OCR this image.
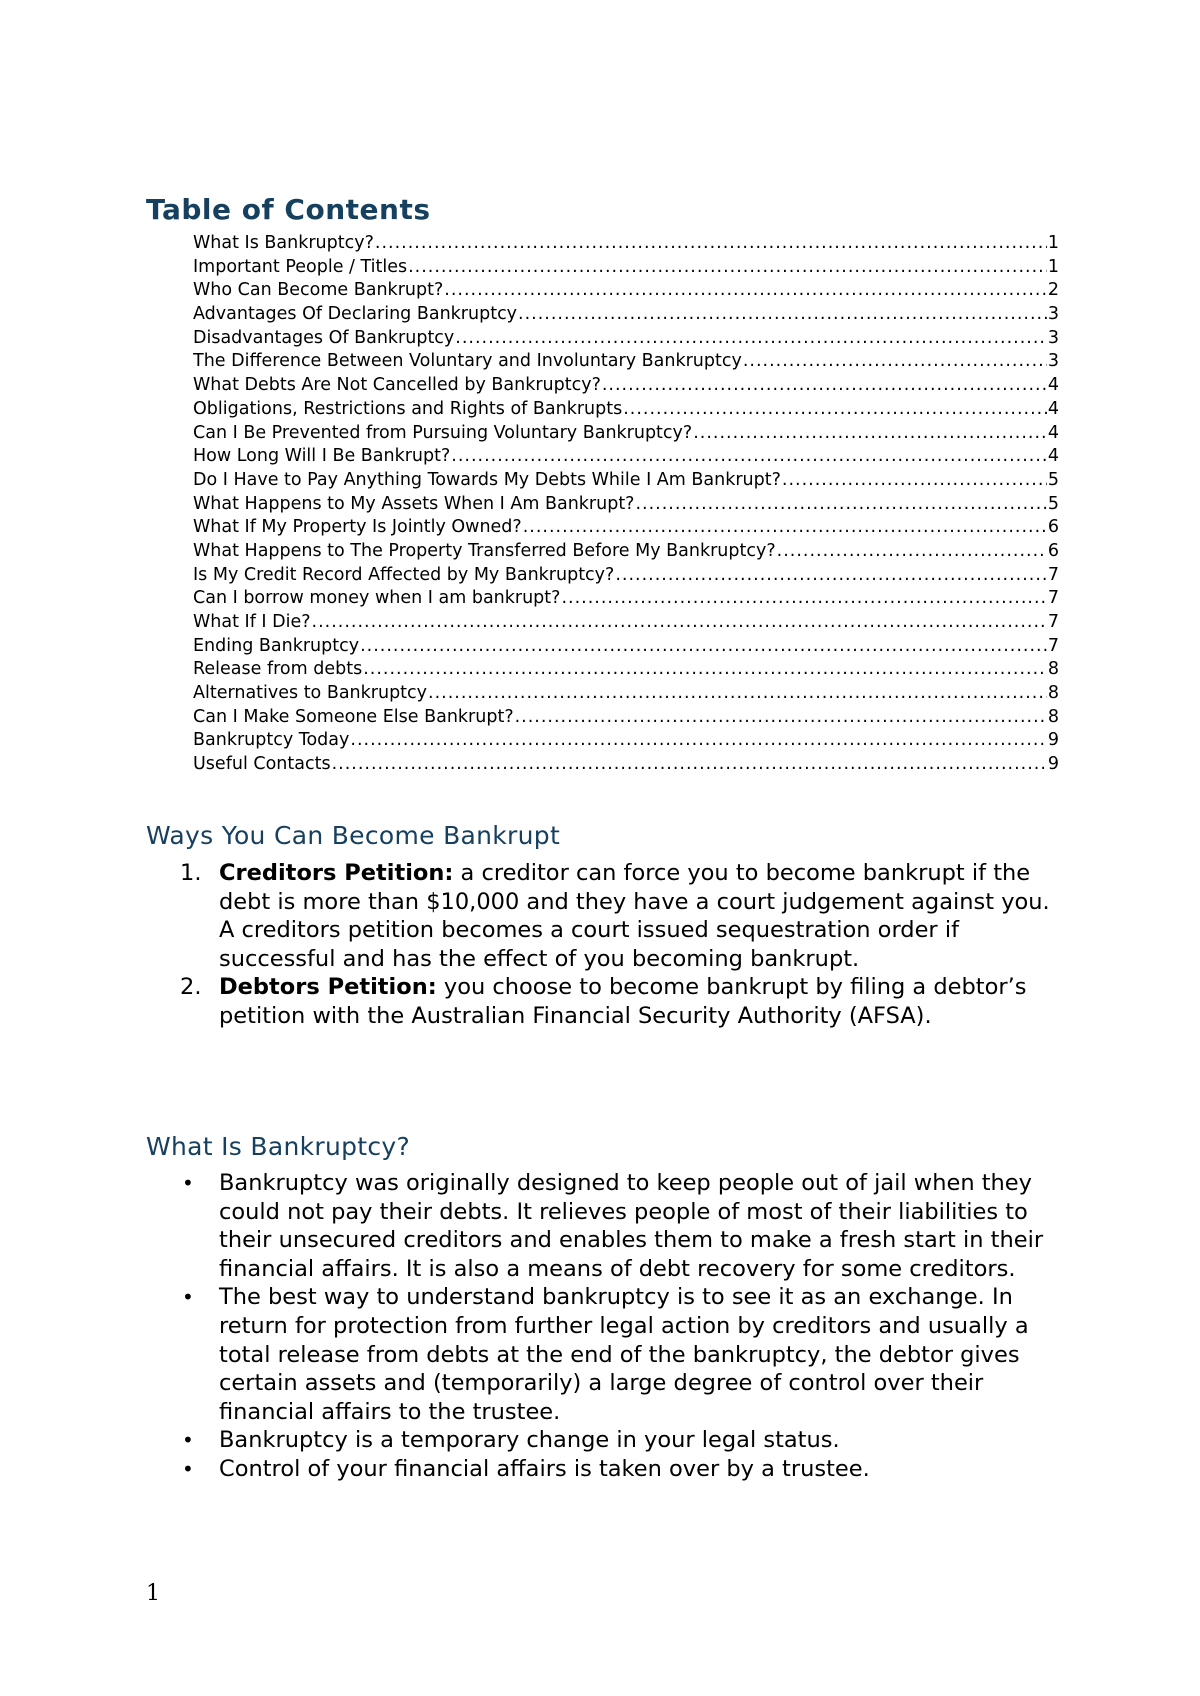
Table of Contents
What Is Bankruptcy? .....	1
Important People / Titles .....	1
Who Can Become Bankrupt? .....	2
Advantages Of Declaring Bankruptcy .....	3
Disadvantages Of Bankruptcy .....	3
The Difference Between Voluntary and Involuntary Bankruptcy .....	3
What Debts Are Not Cancelled by Bankruptcy? .....	4
Obligations, Restrictions and Rights of Bankrupts .....	4
Can I Be Prevented from Pursuing Voluntary Bankruptcy? .....	4
How Long Will I Be Bankrupt? .....	4
Do I Have to Pay Anything Towards My Debts While I Am Bankrupt? .....	5
What Happens to My Assets When I Am Bankrupt? .....	5
What If My Property Is Jointly Owned? .....	6
What Happens to The Property Transferred Before My Bankruptcy? .....	6
Is My Credit Record Affected by My Bankruptcy? .....	7
Can I borrow money when I am bankrupt? .....	7
What If I Die? .....	7
Ending Bankruptcy .....	7
Release from debts .....	8
Alternatives to Bankruptcy .....	8
Can I Make Someone Else Bankrupt? .....	8
Bankruptcy Today .....	9
Useful Contacts .....	9
Ways You Can Become Bankrupt
1. Creditors Petition: a creditor can force you to become bankrupt if the debt is more than $10,000 and they have a court judgement against you. A creditors petition becomes a court issued sequestration order if successful and has the effect of you becoming bankrupt.
2. Debtors Petition: you choose to become bankrupt by filing a debtor’s petition with the Australian Financial Security Authority (AFSA).
What Is Bankruptcy?
• Bankruptcy was originally designed to keep people out of jail when they could not pay their debts. It relieves people of most of their liabilities to their unsecured creditors and enables them to make a fresh start in their financial affairs. It is also a means of debt recovery for some creditors.
• The best way to understand bankruptcy is to see it as an exchange. In return for protection from further legal action by creditors and usually a total release from debts at the end of the bankruptcy, the debtor gives certain assets and (temporarily) a large degree of control over their financial affairs to the trustee.
• Bankruptcy is a temporary change in your legal status.
• Control of your financial affairs is taken over by a trustee.
1
